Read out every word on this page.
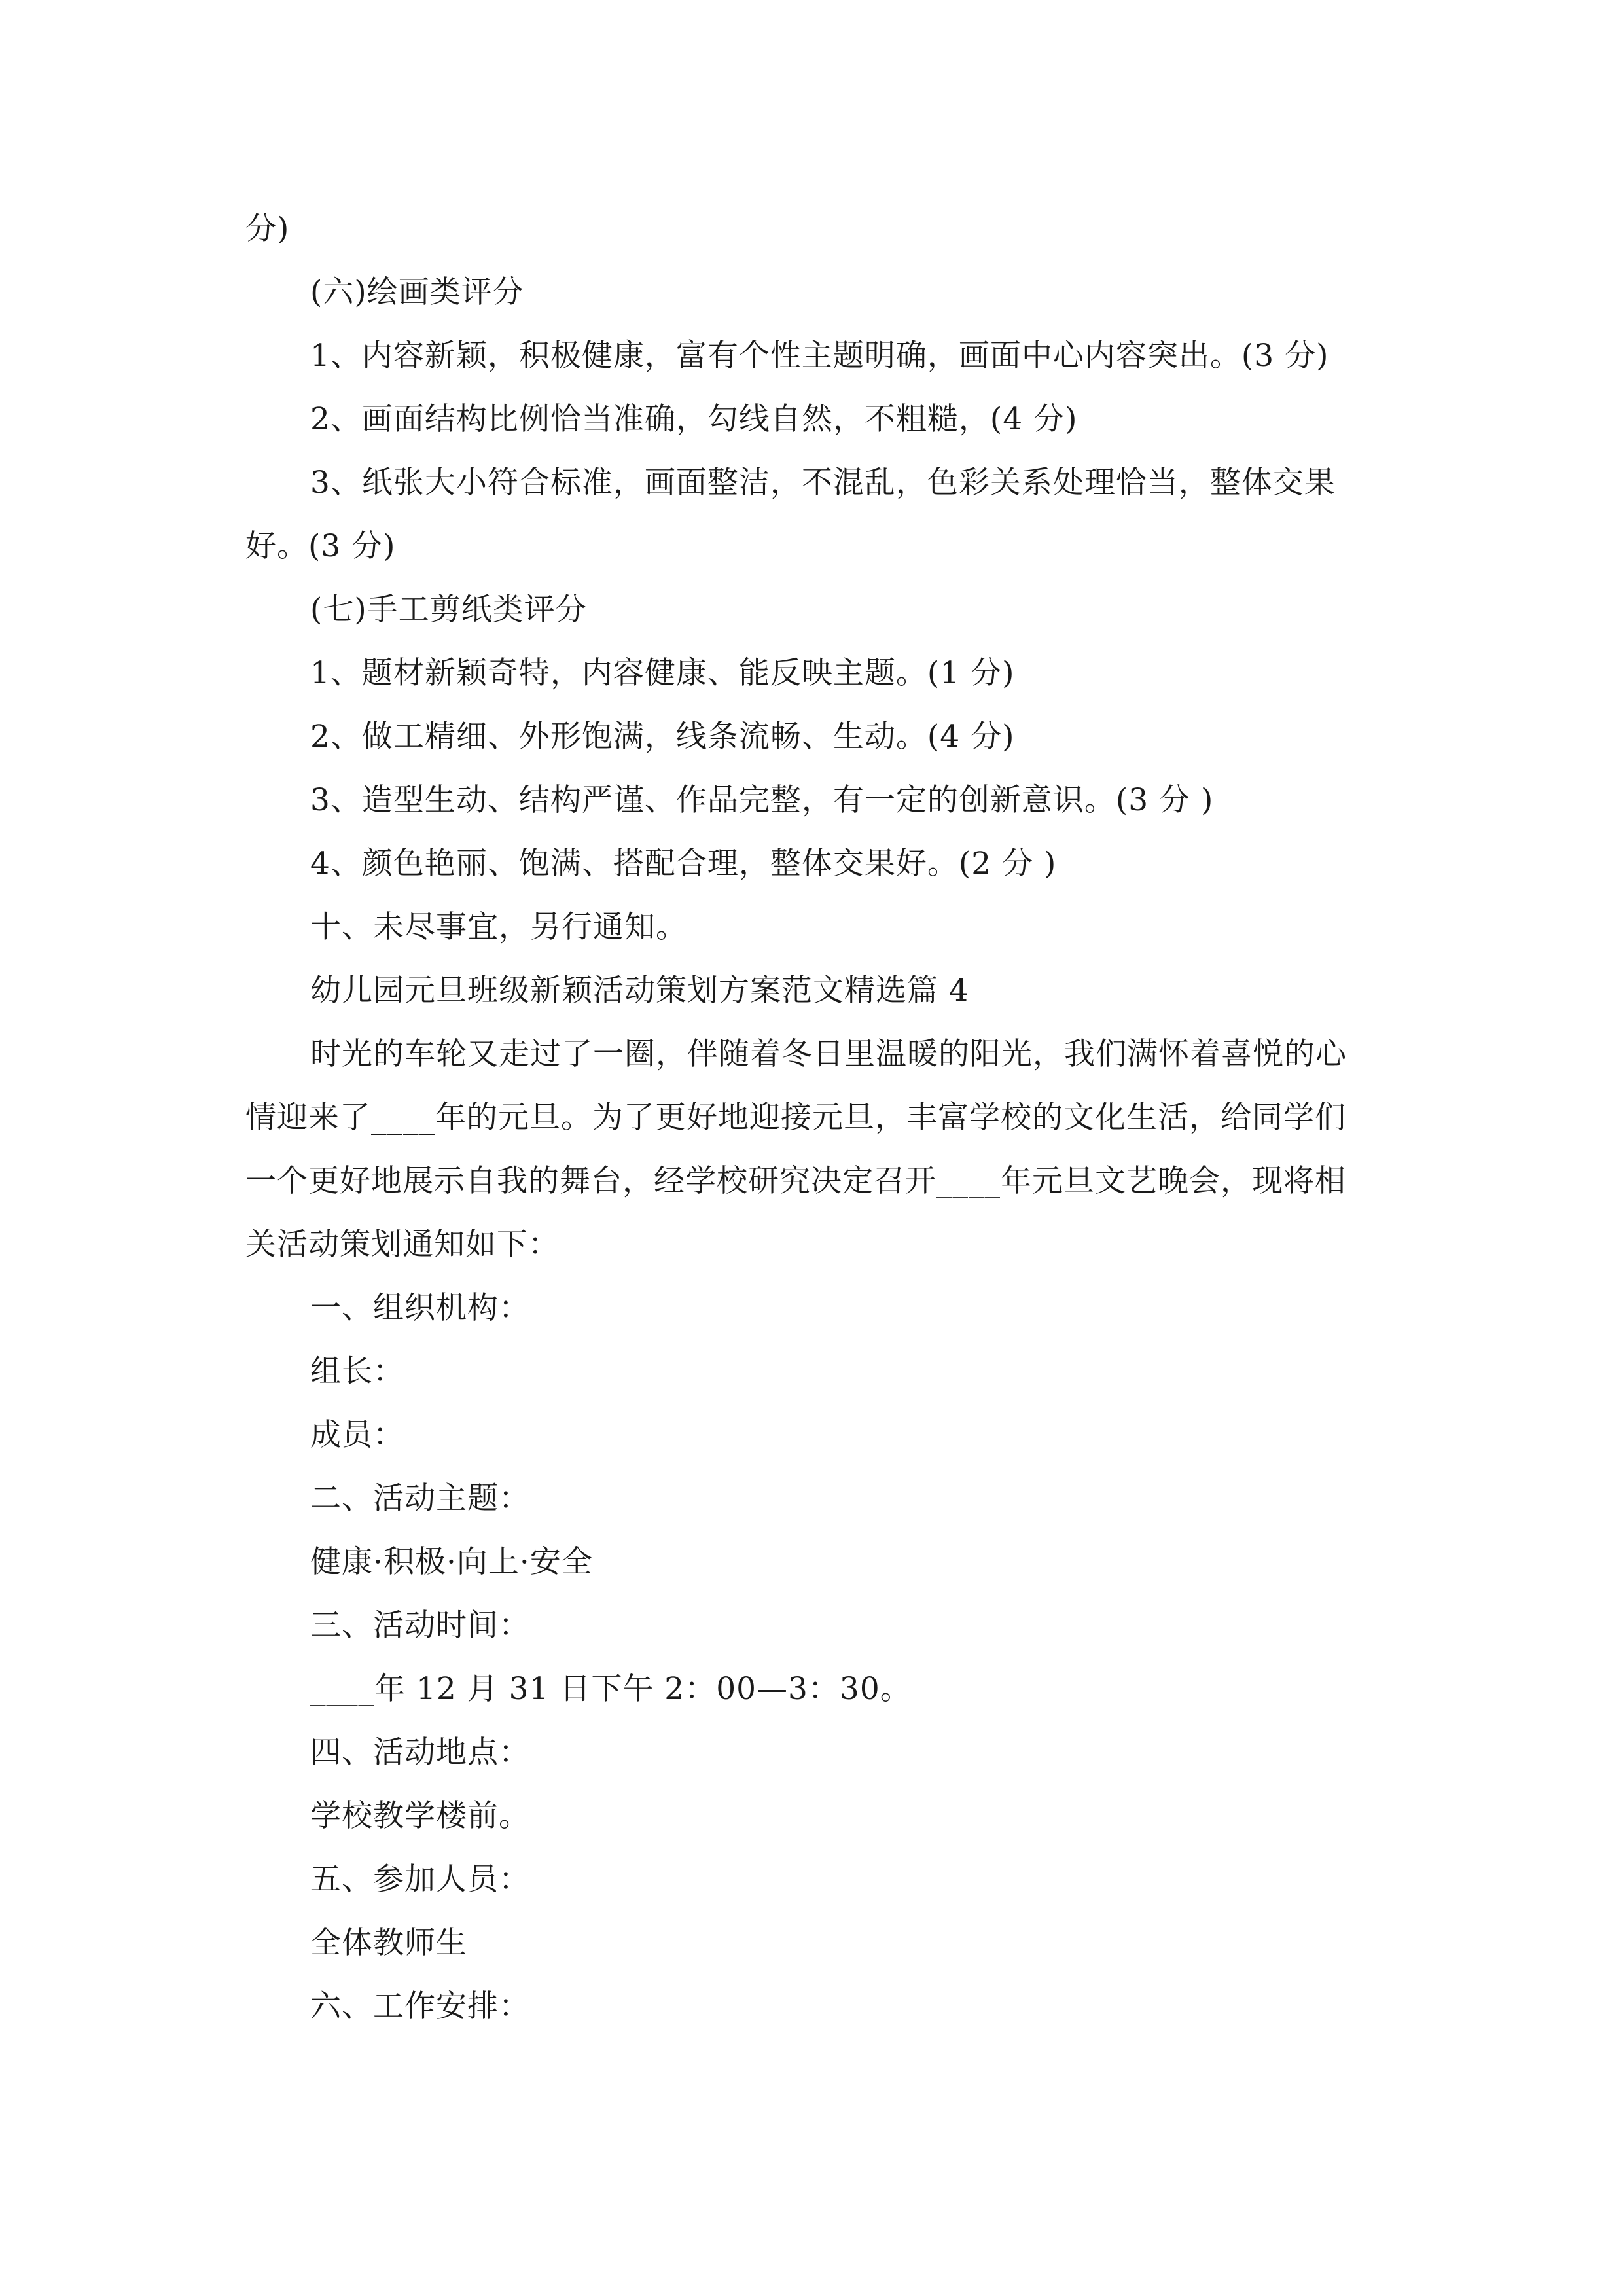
分)
(六)绘画类评分
1、内容新颖，积极健康，富有个性主题明确，画面中心内容突出。(3 分)
2、画面结构比例恰当准确，勾线自然，不粗糙，(4 分)
3、纸张大小符合标准，画面整洁，不混乱，色彩关系处理恰当，整体交果
好。(3 分)
(七)手工剪纸类评分
1、题材新颖奇特，内容健康、能反映主题。(1 分)
2、做工精细、外形饱满，线条流畅、生动。(4 分)
3、造型生动、结构严谨、作品完整，有一定的创新意识。(3 分 )
4、颜色艳丽、饱满、搭配合理，整体交果好。(2 分 )
十、未尽事宜，另行通知。
幼儿园元旦班级新颖活动策划方案范文精选篇 4
时光的车轮又走过了一圈，伴随着冬日里温暖的阳光，我们满怀着喜悦的心
情迎来了____年的元旦。为了更好地迎接元旦，丰富学校的文化生活，给同学们
一个更好地展示自我的舞台，经学校研究决定召开____年元旦文艺晚会，现将相
关活动策划通知如下：
一、组织机构：
组长：
成员：
二、活动主题：
健康·积极·向上·安全
三、活动时间：
____年 12 月 31 日下午 2：00—3：30。
四、活动地点：
学校教学楼前。
五、参加人员：
全体教师生
六、工作安排：
